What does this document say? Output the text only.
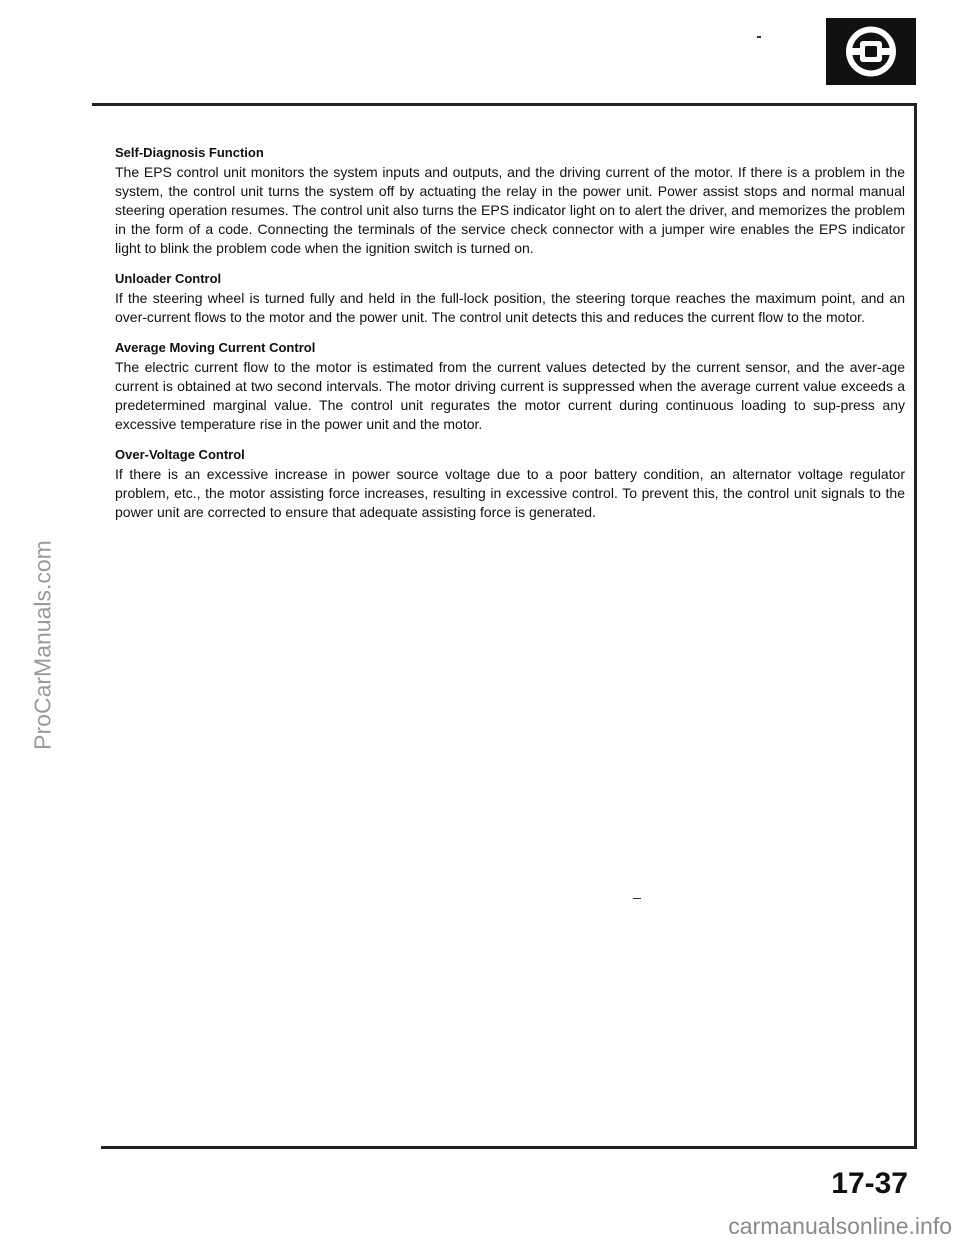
ProCarManuals.com
Self-Diagnosis Function

The EPS control unit monitors the system inputs and outputs, and the driving current of the motor. If there is a problem in the system, the control unit turns the system off by actuating the relay in the power unit. Power assist stops and normal manual steering operation resumes. The control unit also turns the EPS indicator light on to alert the driver, and memorizes the problem in the form of a code. Connecting the terminals of the service check connector with a jumper wire enables the EPS indicator light to blink the problem code when the ignition switch is turned on.

Unloader Control

If the steering wheel is turned fully and held in the full-lock position, the steering torque reaches the maximum point, and an over-current flows to the motor and the power unit. The control unit detects this and reduces the current flow to the motor.

Average Moving Current Control

The electric current flow to the motor is estimated from the current values detected by the current sensor, and the aver-age current is obtained at two second intervals. The motor driving current is suppressed when the average current value exceeds a predetermined marginal value. The control unit regurates the motor current during continuous loading to sup-press any excessive temperature rise in the power unit and the motor.

Over-Voltage Control

If there is an excessive increase in power source voltage due to a poor battery condition, an alternator voltage regulator problem, etc., the motor assisting force increases, resulting in excessive control. To prevent this, the control unit signals to the power unit are corrected to ensure that adequate assisting force is generated.

17-37
carmanualsonline.info
